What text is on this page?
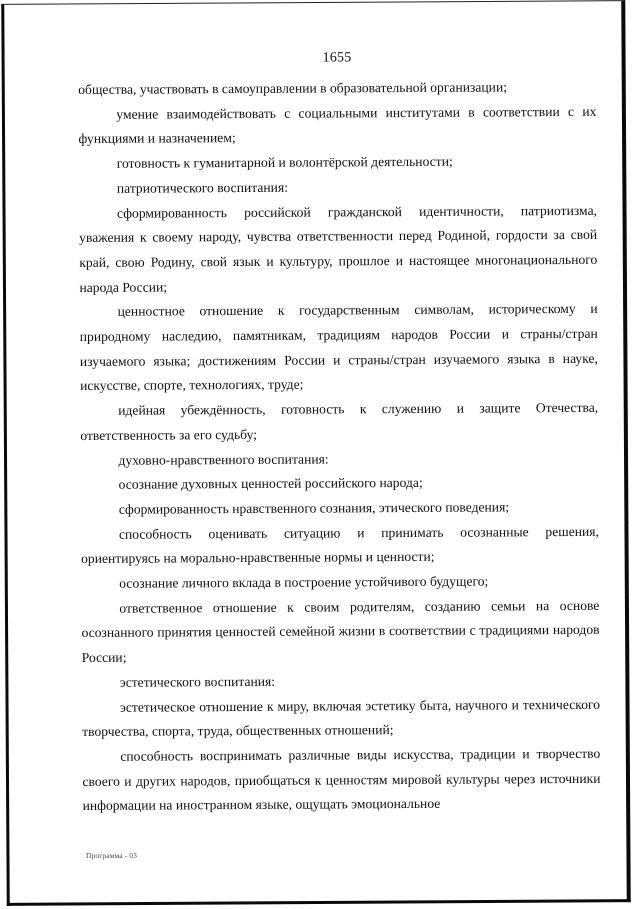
1655

общества, участвовать в самоуправлении в образовательной организации;

умение взаимодействовать с социальными институтами в соответствии с их функциями и назначением;

готовность к гуманитарной и волонтёрской деятельности;

патриотического воспитания:

сформированность российской гражданской идентичности, патриотизма, уважения к своему народу, чувства ответственности перед Родиной, гордости за свой край, свою Родину, свой язык и культуру, прошлое и настоящее многонационального народа России;

ценностное отношение к государственным символам, историческому и природному наследию, памятникам, традициям народов России и страны/стран изучаемого языка; достижениям России и страны/стран изучаемого языка в науке, искусстве, спорте, технологиях, труде;

идейная убеждённость, готовность к служению и защите Отечества, ответственность за его судьбу;

духовно-нравственного воспитания:

осознание духовных ценностей российского народа;

сформированность нравственного сознания, этического поведения;

способность оценивать ситуацию и принимать осознанные решения, ориентируясь на морально-нравственные нормы и ценности;

осознание личного вклада в построение устойчивого будущего;

ответственное отношение к своим родителям, созданию семьи на основе осознанного принятия ценностей семейной жизни в соответствии с традициями народов России;

эстетического воспитания:

эстетическое отношение к миру, включая эстетику быта, научного и технического творчества, спорта, труда, общественных отношений;

способность воспринимать различные виды искусства, традиции и творчество своего и других народов, приобщаться к ценностям мировой культуры через источники информации на иностранном языке, ощущать эмоциональное

Программа - 03
